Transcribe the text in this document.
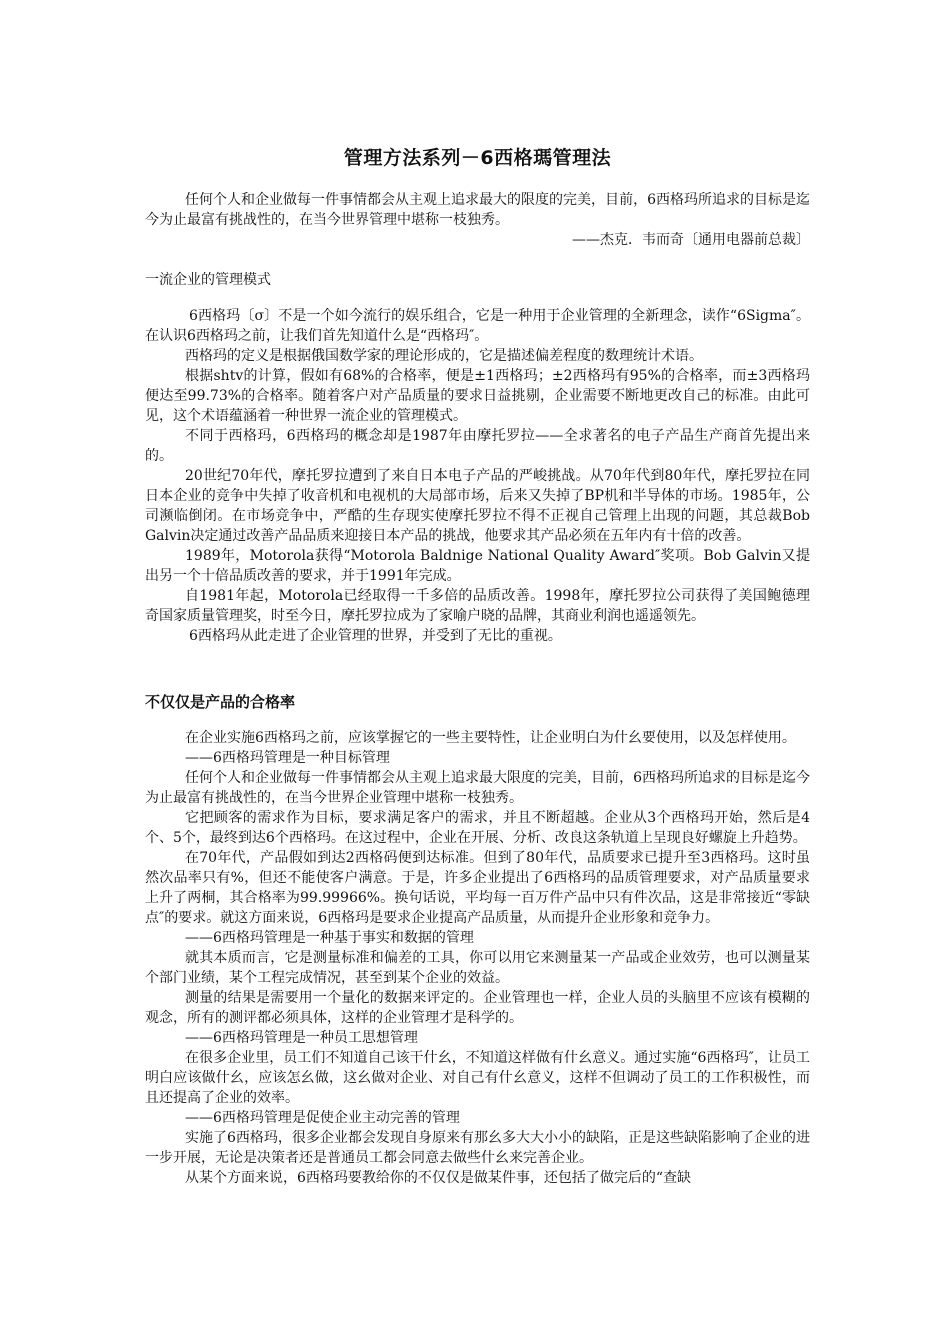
管理方法系列－6西格瑪管理法

任何个人和企业做每一件事情都会从主观上追求最大的限度的完美，目前，6西格玛所追求的目标是迄今为止最富有挑战性的，在当今世界管理中堪称一枝独秀。

——杰克．韦而奇〔通用电器前总裁〕

一流企业的管理模式

6西格玛〔σ〕不是一个如今流行的娱乐组合，它是一种用于企业管理的全新理念，读作“6Sigma″。在认识6西格玛之前，让我们首先知道什么是“西格玛″。

西格玛的定义是根据俄国数学家的理论形成的，它是描述偏差程度的数理统计术语。

根据shtv的计算，假如有68%的合格率，便是±1西格玛；±2西格玛有95%的合格率，而±3西格玛便达至99.73%的合格率。随着客户对产品质量的要求日益挑剔，企业需要不断地更改自己的标准。由此可见，这个术语蕴涵着一种世界一流企业的管理模式。

不同于西格玛，6西格玛的概念却是1987年由摩托罗拉——全求著名的电子产品生产商首先提出来的。

20世纪70年代，摩托罗拉遭到了来自日本电子产品的严峻挑战。从70年代到80年代，摩托罗拉在同日本企业的竞争中失掉了收音机和电视机的大局部市场，后来又失掉了BP机和半导体的市场。1985年，公司濒临倒闭。在市场竞争中，严酷的生存现实使摩托罗拉不得不正视自己管理上出现的问题，其总裁Bob Galvin决定通过改善产品品质来迎接日本产品的挑战，他要求其产品必须在五年内有十倍的改善。

1989年，Motorola获得“Motorola Baldnige National Quality Award″奖项。Bob Galvin又提出另一个十倍品质改善的要求，并于1991年完成。

自1981年起，Motorola已经取得一千多倍的品质改善。1998年，摩托罗拉公司获得了美国鲍德理奇国家质量管理奖，时至今日，摩托罗拉成为了家喻户晓的品牌，其商业利润也遥遥领先。

6西格玛从此走进了企业管理的世界，并受到了无比的重视。

不仅仅是产品的合格率

在企业实施6西格玛之前，应该掌握它的一些主要特性，让企业明白为什幺要使用，以及怎样使用。

——6西格玛管理是一种目标管理

任何个人和企业做每一件事情都会从主观上追求最大限度的完美，目前，6西格玛所追求的目标是迄今为止最富有挑战性的，在当今世界企业管理中堪称一枝独秀。

它把顾客的需求作为目标，要求满足客户的需求，并且不断超越。企业从3个西格玛开始，然后是4个、5个，最终到达6个西格玛。在这过程中，企业在开展、分析、改良这条轨道上呈现良好螺旋上升趋势。

在70年代，产品假如到达2西格码便到达标准。但到了80年代，品质要求已提升至3西格玛。这时虽然次品率只有%，但还不能使客户满意。于是，许多企业提出了6西格玛的品质管理要求，对产品质量要求上升了两桐，其合格率为99.99966%。换句话说，平均每一百万件产品中只有件次品，这是非常接近“零缺点″的要求。就这方面来说，6西格玛是要求企业提高产品质量，从而提升企业形象和竞争力。

——6西格玛管理是一种基于事实和数据的管理

就其本质而言，它是测量标准和偏差的工具，你可以用它来测量某一产品或企业效劳，也可以测量某个部门业绩，某个工程完成情况，甚至到某个企业的效益。

测量的结果是需要用一个量化的数据来评定的。企业管理也一样，企业人员的头脑里不应该有模糊的观念，所有的测评都必须具体，这样的企业管理才是科学的。

——6西格玛管理是一种员工思想管理

在很多企业里，员工们不知道自己该干什幺，不知道这样做有什幺意义。通过实施“6西格玛″，让员工明白应该做什幺，应该怎幺做，这幺做对企业、对自己有什幺意义，这样不但调动了员工的工作积极性，而且还提高了企业的效率。

——6西格玛管理是促使企业主动完善的管理

实施了6西格玛，很多企业都会发现自身原来有那幺多大大小小的缺陷，正是这些缺陷影响了企业的进一步开展，无论是决策者还是普通员工都会同意去做些什幺来完善企业。

从某个方面来说，6西格玛要教给你的不仅仅是做某件事，还包括了做完后的“查缺
